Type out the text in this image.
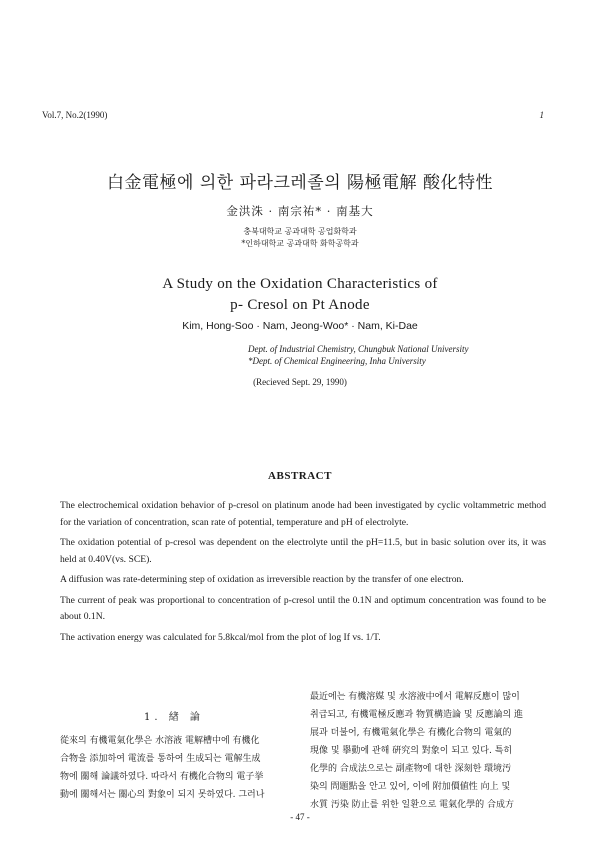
Vol.7, No.2(1990)	1
白金電極에 의한 파라크레졸의 陽極電解 酸化特性
金洪洙 · 南宗祐* · 南基大
충북대학교 공과대학 공업화학과
*인하대학교 공과대학 화학공학과
A Study on the Oxidation Characteristics of
p- Cresol on Pt Anode
Kim, Hong-Soo · Nam, Jeong-Woo* · Nam, Ki-Dae
Dept. of Industrial Chemistry, Chungbuk National University
*Dept. of Chemical Engineering, Inha University
(Recieved Sept. 29, 1990)
ABSTRACT

The electrochemical oxidation behavior of p-cresol on platinum anode had been investigated by cyclic voltammetric method for the variation of concentration, scan rate of potential, temperature and pH of electrolyte.

The oxidation potential of p-cresol was dependent on the electrolyte until the pH=11.5, but in basic solution over its, it was held at 0.40V(vs. SCE).

A diffusion was rate-determining step of oxidation as irreversible reaction by the transfer of one electron.

The current of peak was proportional to concentration of p-cresol until the 0.1N and optimum concentration was found to be about 0.1N.

The activation energy was calculated for 5.8kcal/mol from the plot of log If vs. 1/T.

1. 緖 論

從來의 有機電氣化學은 水溶液 電解槽中에 有機化

合物을 添加하여 電流를 통하여 生成되는 電解生成

物에 關해 論議하였다. 따라서 有機化合物의 電子挙

動에 關해서는 關心의 對象이 되지 못하였다. 그러나

最近에는 有機溶媒 및 水溶液中에서 電解反應이 많이

취급되고, 有機電極反應과 物質構造論 및 反應論의 進

展과 더불어, 有機電氣化學은 有機化合物의 電氣的

現像 및 擧動에 관해 硏究의 對象이 되고 있다. 특히

化學的 合成法으로는 副產物에 대한 深刻한 環境汚

染의 問題點을 안고 있어, 이에 附加價値性 向上 및

水質 汚染 防止를 위한 일환으로 電氣化學的 合成方

- 47 -
